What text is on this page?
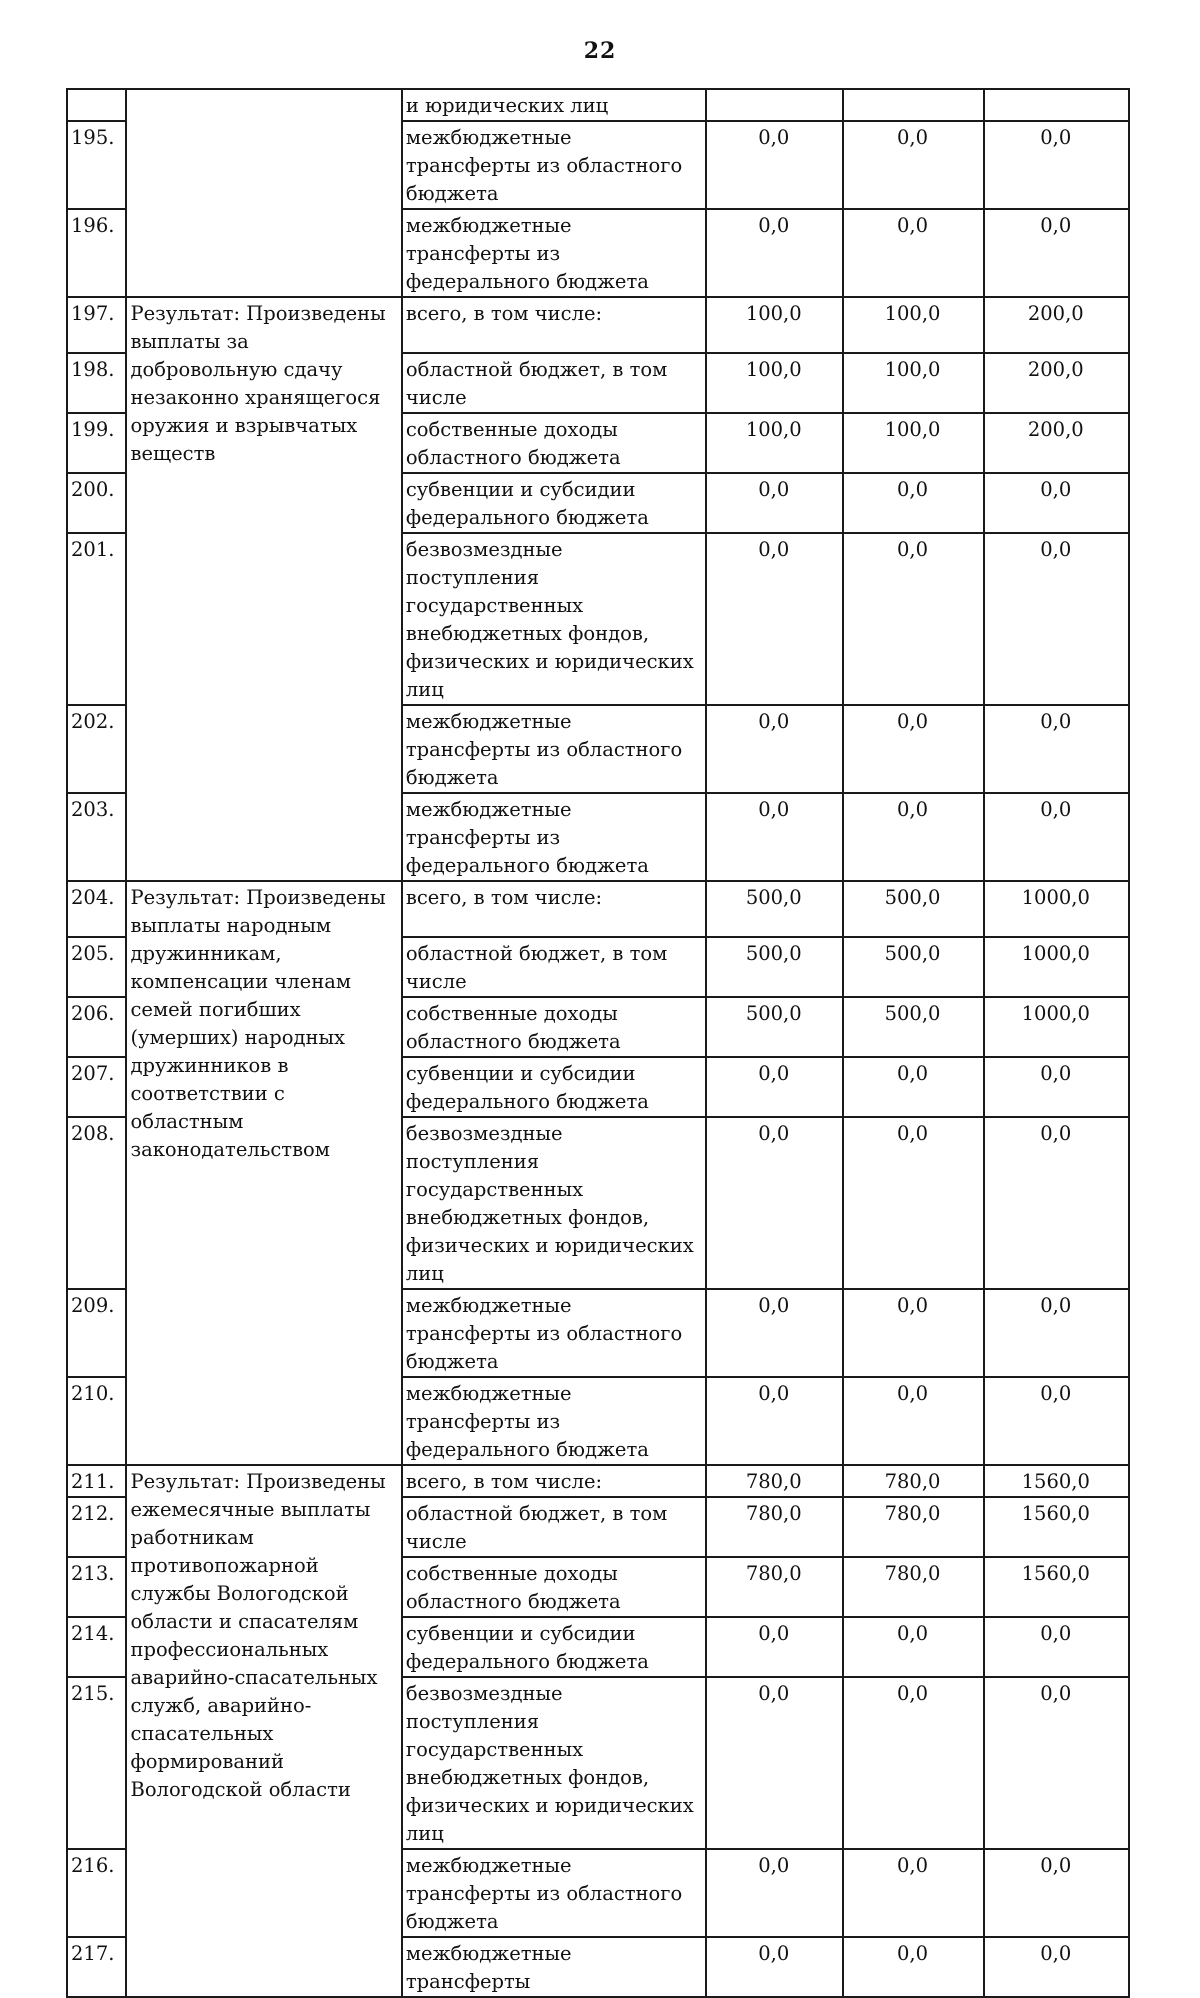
22
		и юридических лиц			
195.		межбюджетные трансферты из областного бюджета	0,0	0,0	0,0
196.		межбюджетные трансферты из федерального бюджета	0,0	0,0	0,0
197.	Результат: Произведены выплаты за добровольную сдачу незаконно хранящегося оружия и взрывчатых веществ	всего, в том числе:	100,0	100,0	200,0
198.		областной бюджет, в том числе	100,0	100,0	200,0
199.		собственные доходы областного бюджета	100,0	100,0	200,0
200.		субвенции и субсидии федерального бюджета	0,0	0,0	0,0
201.		безвозмездные поступления государственных внебюджетных фондов, физических и юридических лиц	0,0	0,0	0,0
202.		межбюджетные трансферты из областного бюджета	0,0	0,0	0,0
203.		межбюджетные трансферты из федерального бюджета	0,0	0,0	0,0
204.	Результат: Произведены выплаты народным дружинникам, компенсации членам семей погибших (умерших) народных дружинников в соответствии с областным законодательством	всего, в том числе:	500,0	500,0	1000,0
205.		областной бюджет, в том числе	500,0	500,0	1000,0
206.		собственные доходы областного бюджета	500,0	500,0	1000,0
207.		субвенции и субсидии федерального бюджета	0,0	0,0	0,0
208.		безвозмездные поступления государственных внебюджетных фондов, физических и юридических лиц	0,0	0,0	0,0
209.		межбюджетные трансферты из областного бюджета	0,0	0,0	0,0
210.		межбюджетные трансферты из федерального бюджета	0,0	0,0	0,0
211.	Результат: Произведены ежемесячные выплаты работникам противопожарной службы Вологодской области и спасателям профессиональных аварийно-спасательных служб, аварийно-спасательных формирований Вологодской области	всего, в том числе:	780,0	780,0	1560,0
212.		областной бюджет, в том числе	780,0	780,0	1560,0
213.		собственные доходы областного бюджета	780,0	780,0	1560,0
214.		субвенции и субсидии федерального бюджета	0,0	0,0	0,0
215.		безвозмездные поступления государственных внебюджетных фондов, физических и юридических лиц	0,0	0,0	0,0
216.		межбюджетные трансферты из областного бюджета	0,0	0,0	0,0
217.		межбюджетные трансферты	0,0	0,0	0,0
